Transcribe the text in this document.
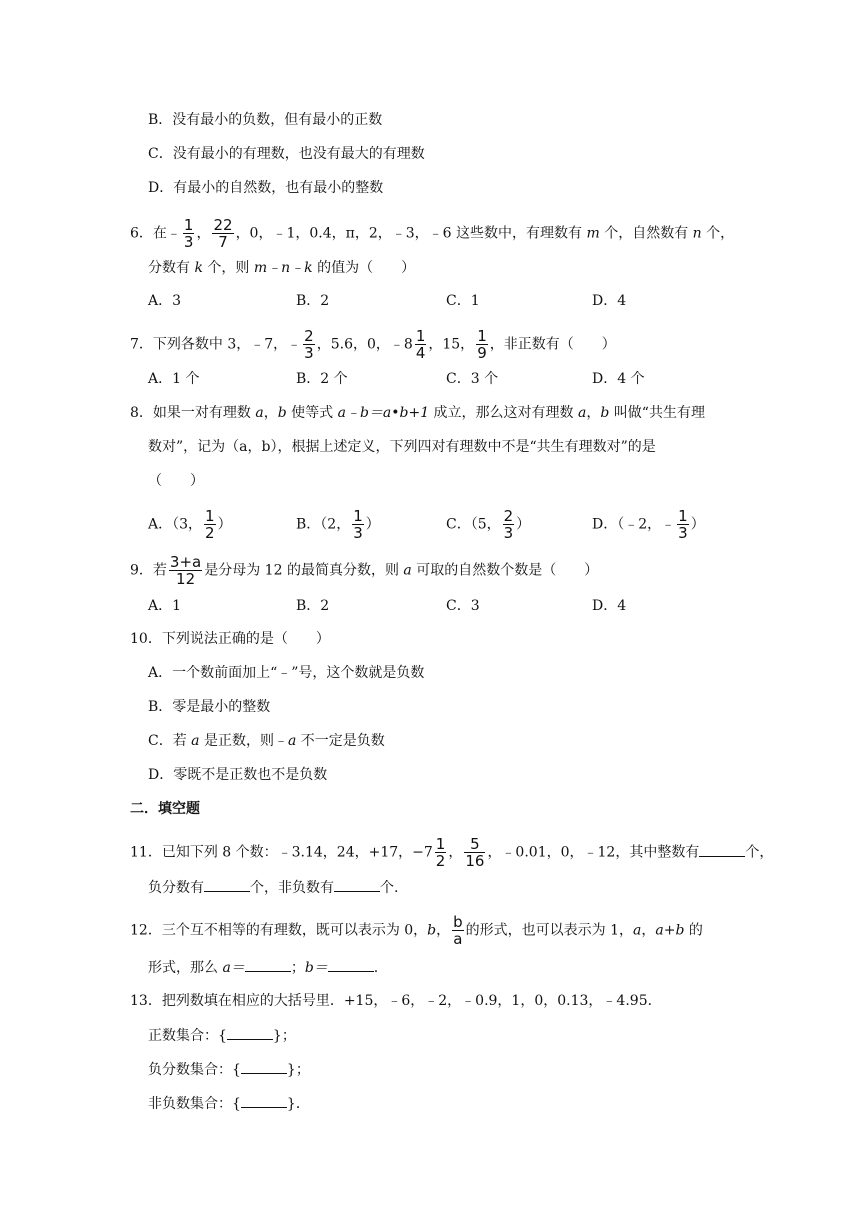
B．没有最小的负数，但有最小的正数
C．没有最小的有理数，也没有最大的有理数
D．有最小的自然数，也有最小的整数
6．在﹣ $\frac{1}{3}$ ， $\frac{22}{7}$ ，0，﹣1，0.4，π，2，﹣3，﹣6 这些数中，有理数有 m 个，自然数有 n 个，
分数有 k 个，则 m﹣n﹣k 的值为（　　）
A．3	B．2	C．1	D．4
7．下列各数中 3，﹣7，﹣ $\frac{2}{3}$ ，5.6，0，﹣8 $\frac{1}{4}$ ，15， $\frac{1}{9}$ ，非正数有（　　）
A．1 个	B．2 个	C．3 个	D．4 个
8．如果一对有理数 a，b 使等式 a﹣b＝a•b+1 成立，那么这对有理数 a，b 叫做“共生有理
数对”，记为（a，b），根据上述定义，下列四对有理数中不是“共生有理数对”的是
（　　）
A．（3， $\frac{1}{2}$ ）	B．（2， $\frac{1}{3}$ ）	C．（5， $\frac{2}{3}$ ）	D．（﹣2，﹣ $\frac{1}{3}$ ）
9．若 $\frac{3+a}{12}$ 是分母为 12 的最简真分数，则 a 可取的自然数个数是（　　）
A．1	B．2	C．3	D．4
10．下列说法正确的是（　　）
A．一个数前面加上“﹣”号，这个数就是负数
B．零是最小的整数
C．若 a 是正数，则﹣a 不一定是负数
D．零既不是正数也不是负数
二．填空题
11．已知下列 8 个数：﹣3.14，24，+17，$-7 \frac{1}{2}$ ， $\frac{5}{16}$ ，﹣0.01，0，﹣12，其中整数有	个，
负分数有	个，非负数有	个.
12．三个互不相等的有理数，既可以表示为 0，b， $\frac{b}{a}$ 的形式，也可以表示为 1，a，a+b 的
形式，那么 a＝	；b＝	.
13．把列数填在相应的大括号里．+15，﹣6，﹣2，﹣0.9，1，0，0.13，﹣4.95．
正数集合：{	}；
负分数集合：{	}；
非负数集合：{	}．
